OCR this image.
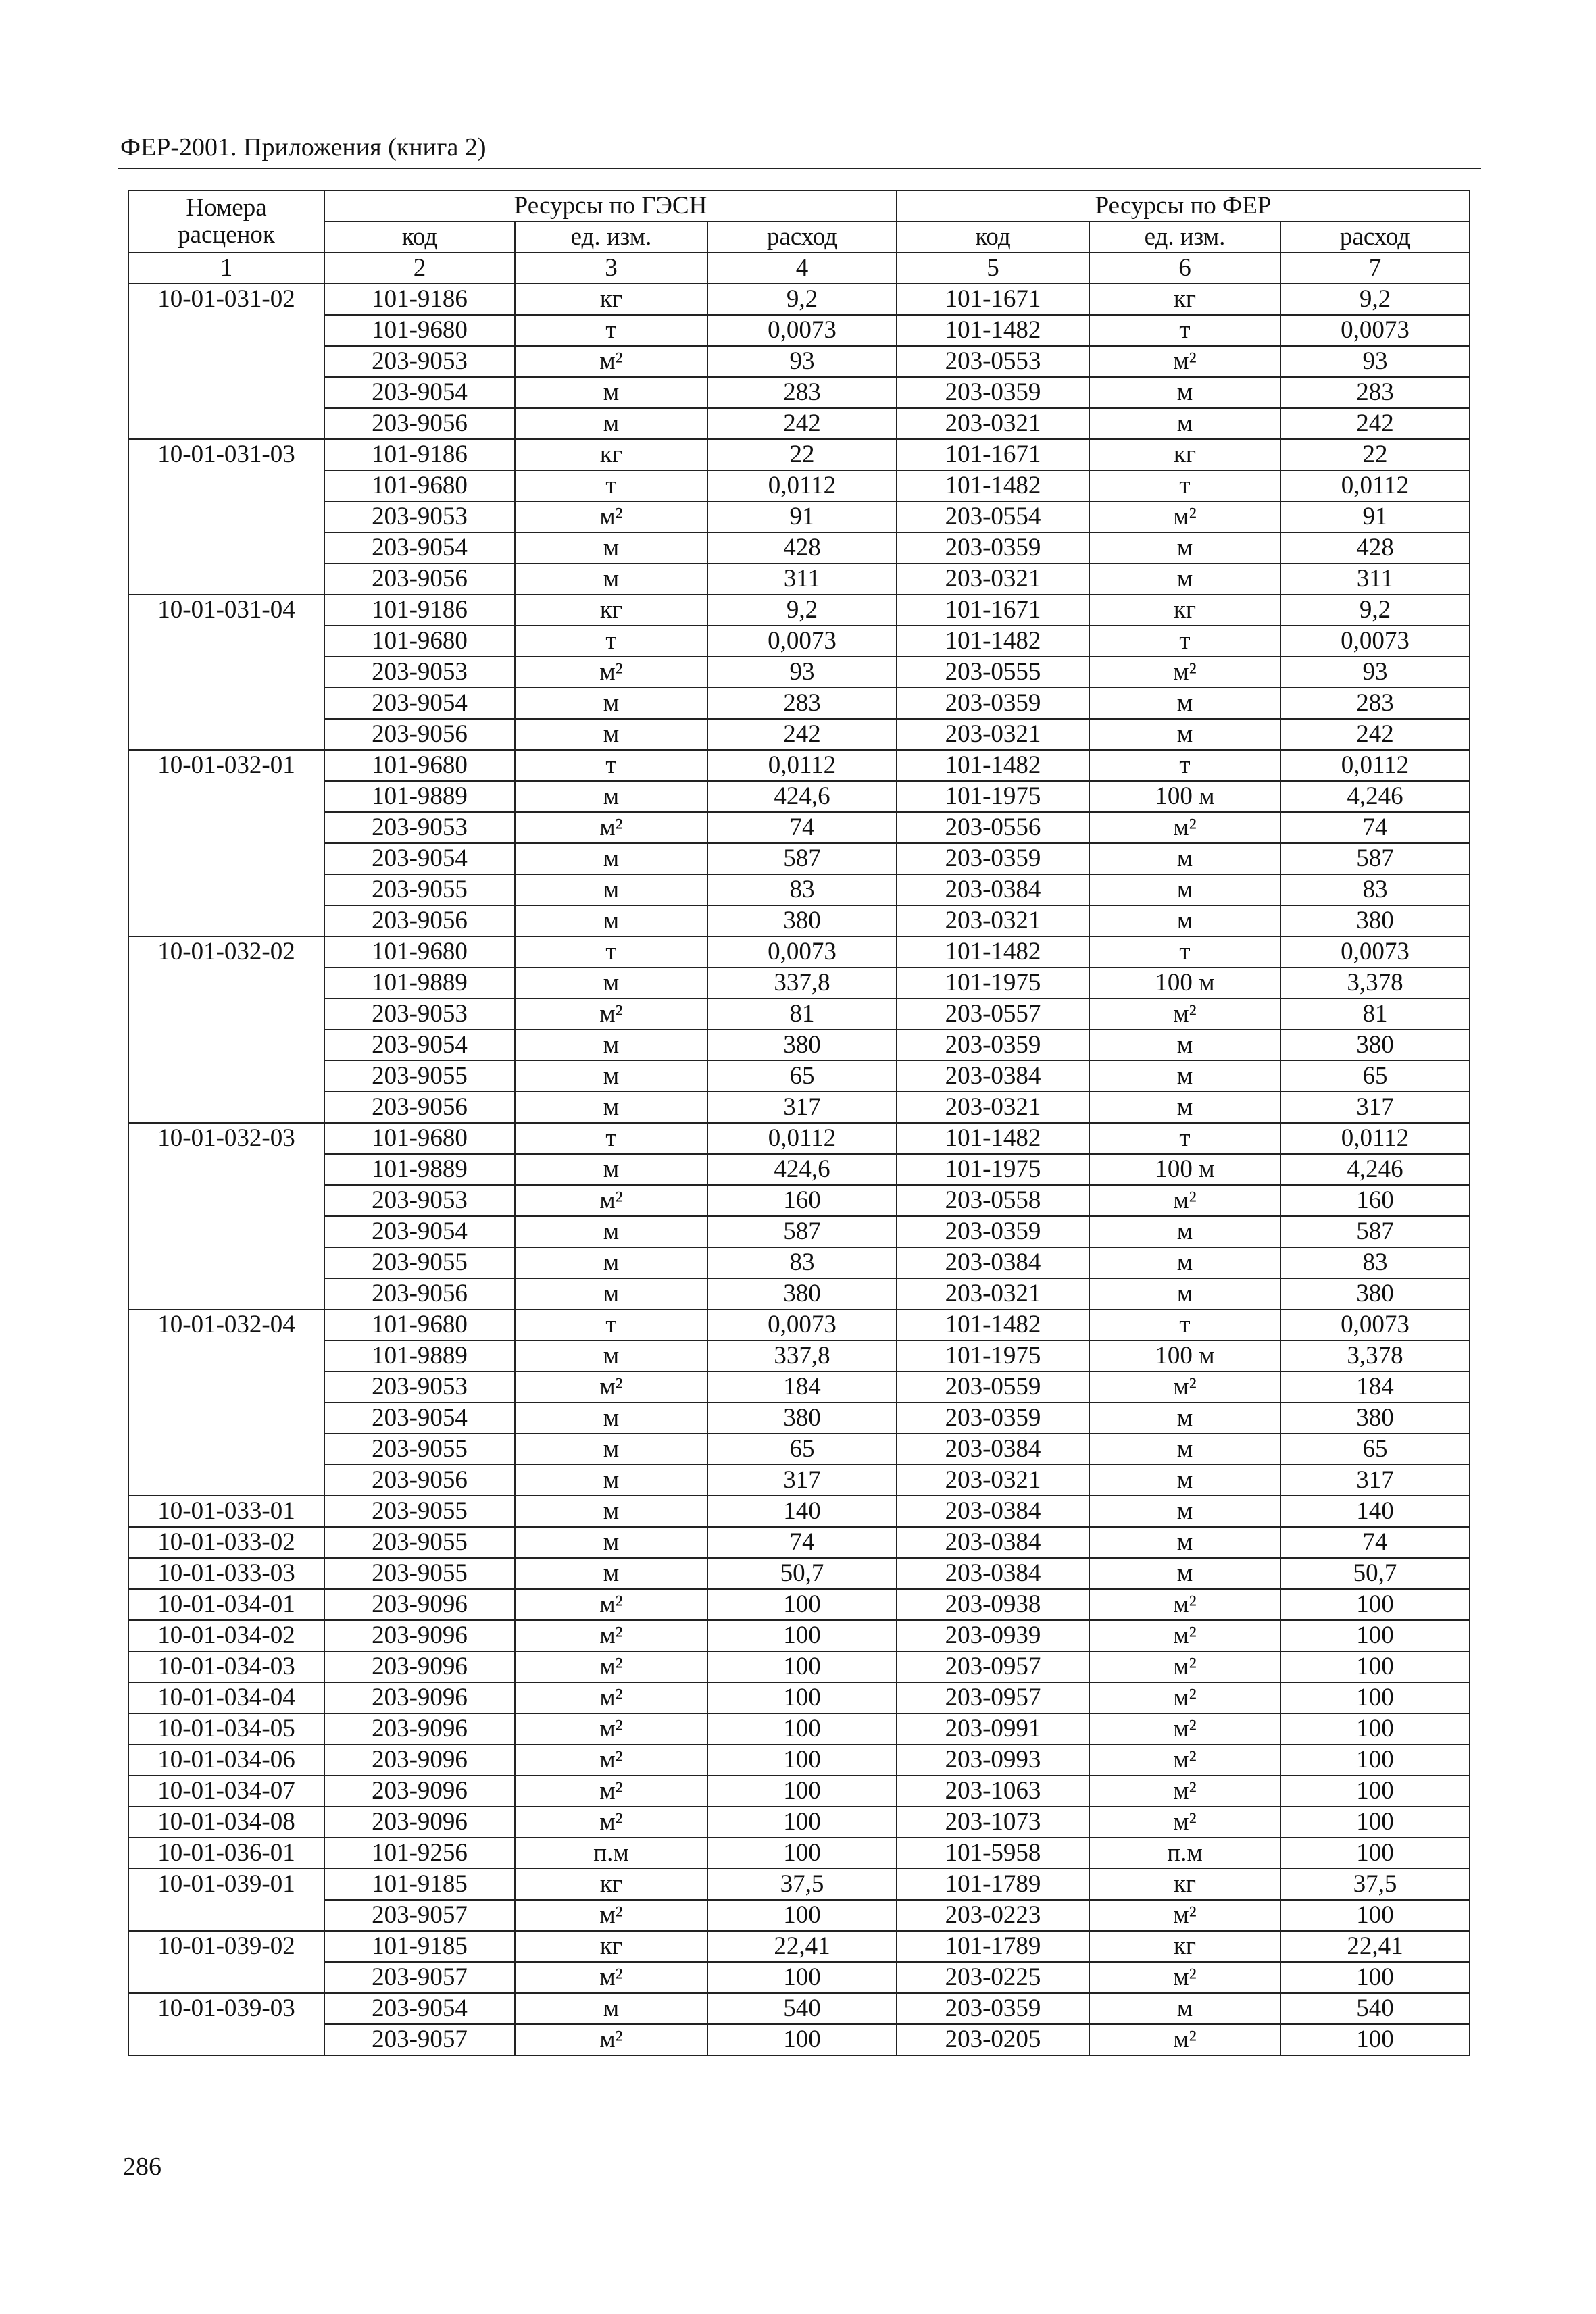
ФЕР-2001. Приложения (книга 2)
Номера
расценок	Ресурсы по ГЭСН			Ресурсы по ФЕР		
	код	ед. изм.	расход	код	ед. изм.	расход
1	2	3	4	5	6	7
10-01-031-02	101-9186	кг	9,2	101-1671	кг	9,2
	101-9680	т	0,0073	101-1482	т	0,0073
	203-9053	м²	93	203-0553	м²	93
	203-9054	м	283	203-0359	м	283
	203-9056	м	242	203-0321	м	242
10-01-031-03	101-9186	кг	22	101-1671	кг	22
	101-9680	т	0,0112	101-1482	т	0,0112
	203-9053	м²	91	203-0554	м²	91
	203-9054	м	428	203-0359	м	428
	203-9056	м	311	203-0321	м	311
10-01-031-04	101-9186	кг	9,2	101-1671	кг	9,2
	101-9680	т	0,0073	101-1482	т	0,0073
	203-9053	м²	93	203-0555	м²	93
	203-9054	м	283	203-0359	м	283
	203-9056	м	242	203-0321	м	242
10-01-032-01	101-9680	т	0,0112	101-1482	т	0,0112
	101-9889	м	424,6	101-1975	100 м	4,246
	203-9053	м²	74	203-0556	м²	74
	203-9054	м	587	203-0359	м	587
	203-9055	м	83	203-0384	м	83
	203-9056	м	380	203-0321	м	380
10-01-032-02	101-9680	т	0,0073	101-1482	т	0,0073
	101-9889	м	337,8	101-1975	100 м	3,378
	203-9053	м²	81	203-0557	м²	81
	203-9054	м	380	203-0359	м	380
	203-9055	м	65	203-0384	м	65
	203-9056	м	317	203-0321	м	317
10-01-032-03	101-9680	т	0,0112	101-1482	т	0,0112
	101-9889	м	424,6	101-1975	100 м	4,246
	203-9053	м²	160	203-0558	м²	160
	203-9054	м	587	203-0359	м	587
	203-9055	м	83	203-0384	м	83
	203-9056	м	380	203-0321	м	380
10-01-032-04	101-9680	т	0,0073	101-1482	т	0,0073
	101-9889	м	337,8	101-1975	100 м	3,378
	203-9053	м²	184	203-0559	м²	184
	203-9054	м	380	203-0359	м	380
	203-9055	м	65	203-0384	м	65
	203-9056	м	317	203-0321	м	317
10-01-033-01	203-9055	м	140	203-0384	м	140
10-01-033-02	203-9055	м	74	203-0384	м	74
10-01-033-03	203-9055	м	50,7	203-0384	м	50,7
10-01-034-01	203-9096	м²	100	203-0938	м²	100
10-01-034-02	203-9096	м²	100	203-0939	м²	100
10-01-034-03	203-9096	м²	100	203-0957	м²	100
10-01-034-04	203-9096	м²	100	203-0957	м²	100
10-01-034-05	203-9096	м²	100	203-0991	м²	100
10-01-034-06	203-9096	м²	100	203-0993	м²	100
10-01-034-07	203-9096	м²	100	203-1063	м²	100
10-01-034-08	203-9096	м²	100	203-1073	м²	100
10-01-036-01	101-9256	п.м	100	101-5958	п.м	100
10-01-039-01	101-9185	кг	37,5	101-1789	кг	37,5
	203-9057	м²	100	203-0223	м²	100
10-01-039-02	101-9185	кг	22,41	101-1789	кг	22,41
	203-9057	м²	100	203-0225	м²	100
10-01-039-03	203-9054	м	540	203-0359	м	540
	203-9057	м²	100	203-0205	м²	100
286
